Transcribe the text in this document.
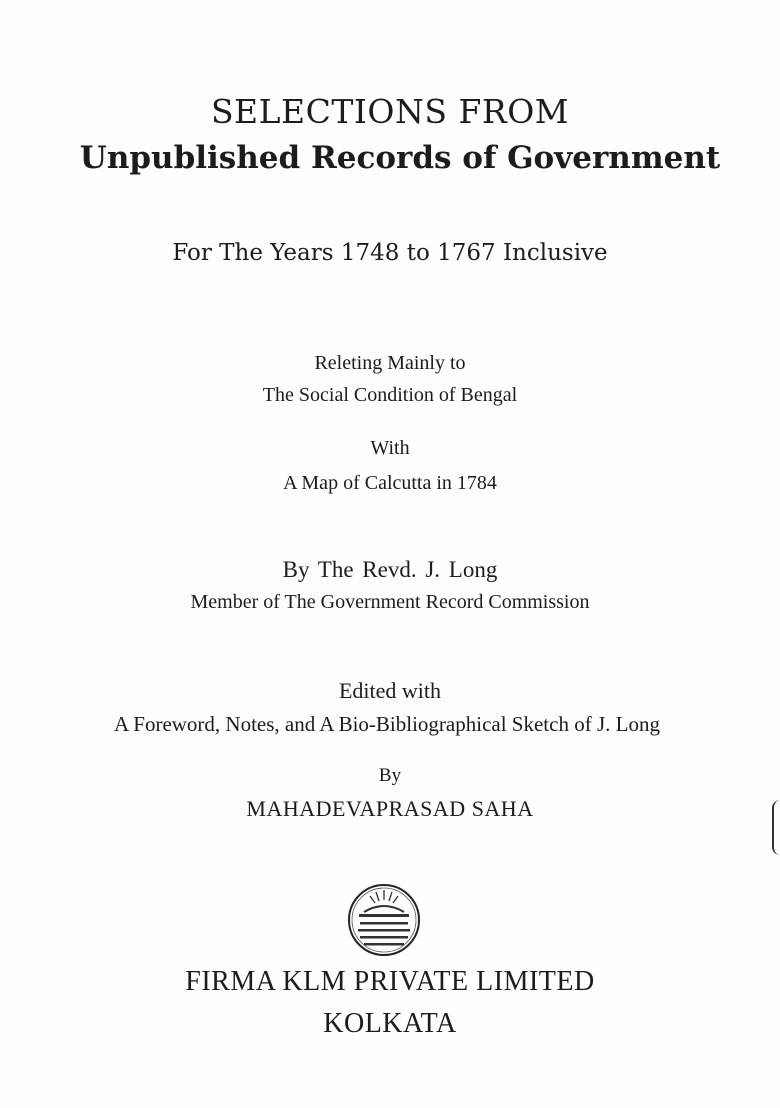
SELECTIONS FROM
Unpublished Records of Government
For The Years 1748 to 1767 Inclusive
Releting Mainly to
The Social Condition of Bengal
With
A Map of Calcutta in 1784
By The Revd. J. Long
Member of The Government Record Commission
Edited with
A Foreword, Notes, and A Bio-Bibliographical Sketch of J. Long
By
MAHADEVAPRASAD SAHA
FIRMA KLM PRIVATE LIMITED
KOLKATA
